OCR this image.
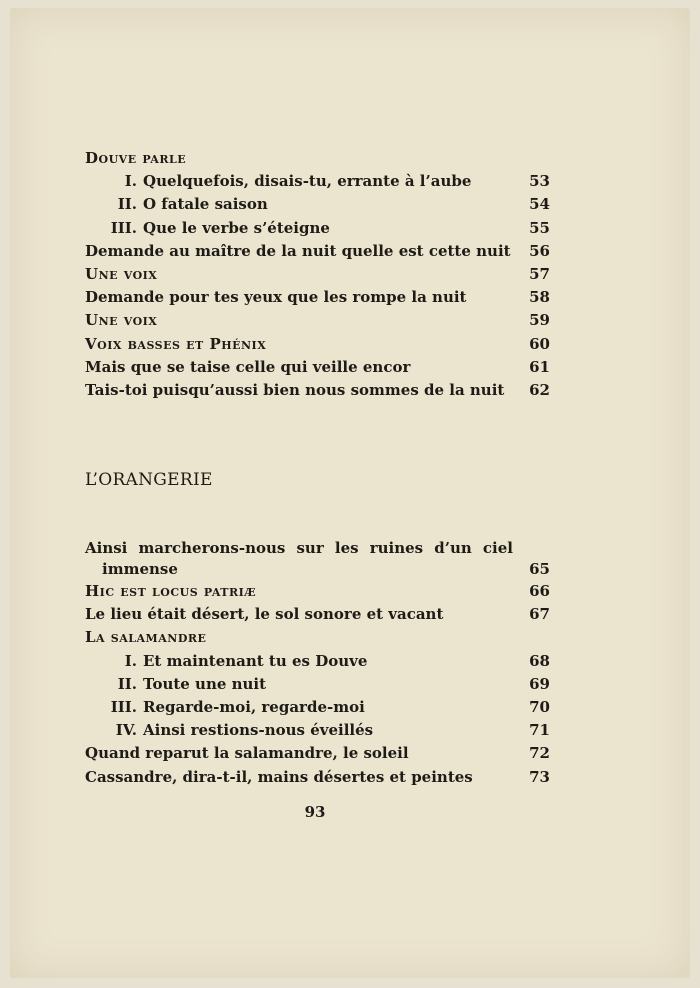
Douve parle
I. Quelquefois, disais-tu, errante à l’aube	53
II. O fatale saison	54
III. Que le verbe s’éteigne	55
Demande au maître de la nuit quelle est cette nuit 56
Une voix	57
Demande pour tes yeux que les rompe la nuit	58
Une voix	59
Voix basses et Phénix	60
Mais que se taise celle qui veille encor	61
Tais-toi puisqu’aussi bien nous sommes de la nuit 62
L’ORANGERIE
Ainsi marcherons-nous sur les ruines d’un ciel
immense	65
Hic est locus patriæ	66
Le lieu était désert, le sol sonore et vacant	67
La salamandre
I. Et maintenant tu es Douve	68
II. Toute une nuit	69
III. Regarde-moi, regarde-moi	70
IV. Ainsi restions-nous éveillés	71
Quand reparut la salamandre, le soleil	72
Cassandre, dira-t-il, mains désertes et peintes	73
93
